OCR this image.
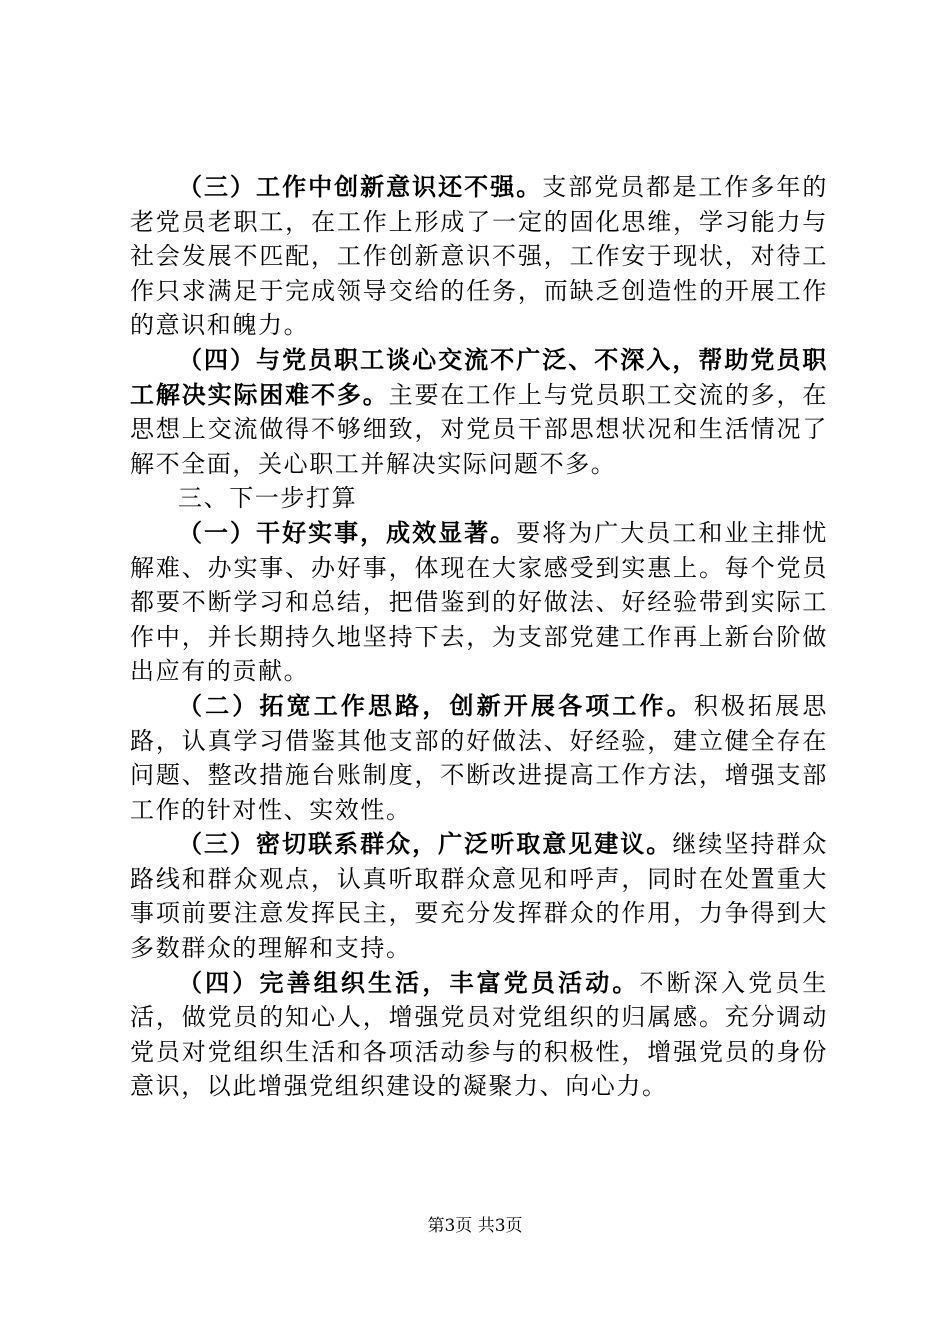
（三）工作中创新意识还不强。支部党员都是工作多年的老党员老职工，在工作上形成了一定的固化思维，学习能力与社会发展不匹配，工作创新意识不强，工作安于现状，对待工作只求满足于完成领导交给的任务，而缺乏创造性的开展工作的意识和魄力。

（四）与党员职工谈心交流不广泛、不深入，帮助党员职工解决实际困难不多。主要在工作上与党员职工交流的多，在思想上交流做得不够细致，对党员干部思想状况和生活情况了解不全面，关心职工并解决实际问题不多。

三、下一步打算

（一）干好实事，成效显著。要将为广大员工和业主排忧解难、办实事、办好事，体现在大家感受到实惠上。每个党员都要不断学习和总结，把借鉴到的好做法、好经验带到实际工作中，并长期持久地坚持下去，为支部党建工作再上新台阶做出应有的贡献。

（二）拓宽工作思路，创新开展各项工作。积极拓展思路，认真学习借鉴其他支部的好做法、好经验，建立健全存在问题、整改措施台账制度，不断改进提高工作方法，增强支部工作的针对性、实效性。

（三）密切联系群众，广泛听取意见建议。继续坚持群众路线和群众观点，认真听取群众意见和呼声，同时在处置重大事项前要注意发挥民主，要充分发挥群众的作用，力争得到大多数群众的理解和支持。

（四）完善组织生活，丰富党员活动。不断深入党员生活，做党员的知心人，增强党员对党组织的归属感。充分调动党员对党组织生活和各项活动参与的积极性，增强党员的身份意识，以此增强党组织建设的凝聚力、向心力。

第3页 共3页
